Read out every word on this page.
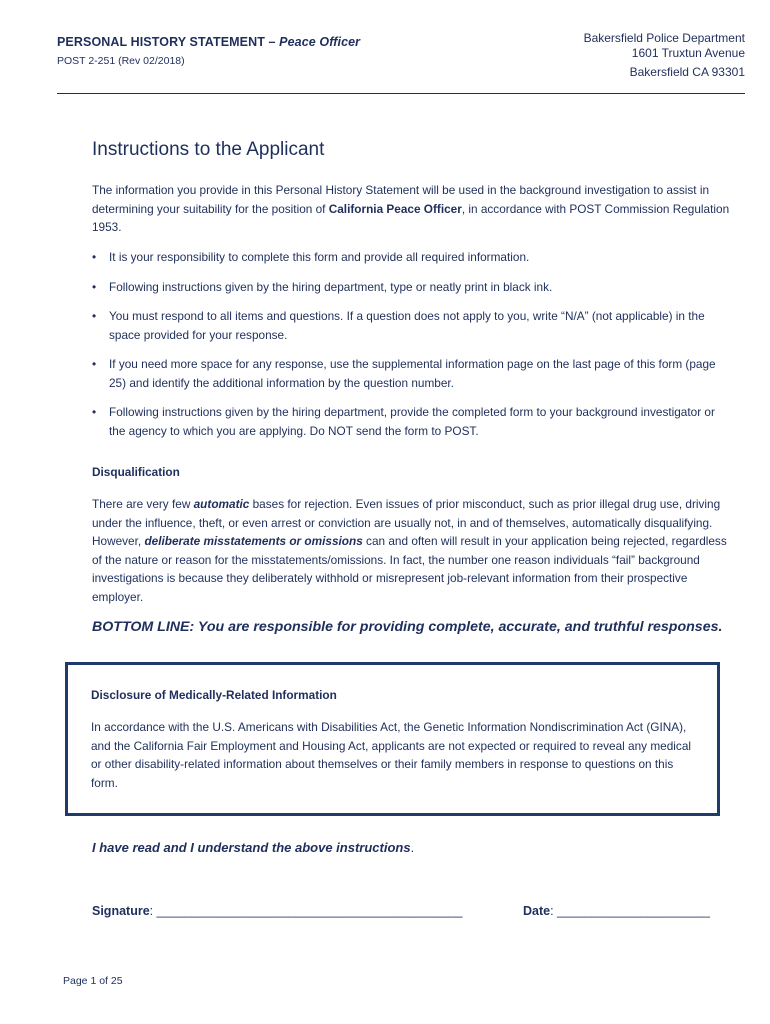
PERSONAL HISTORY STATEMENT – Peace Officer
POST 2-251 (Rev 02/2018)
Bakersfield Police Department
1601 Truxtun Avenue

Bakersfield CA 93301
Instructions to the Applicant
The information you provide in this Personal History Statement will be used in the background investigation to assist in determining your suitability for the position of California Peace Officer, in accordance with POST Commission Regulation 1953.
• It is your responsibility to complete this form and provide all required information.
• Following instructions given by the hiring department, type or neatly print in black ink.
• You must respond to all items and questions. If a question does not apply to you, write “N/A” (not applicable) in the space provided for your response.
• If you need more space for any response, use the supplemental information page on the last page of this form (page 25) and identify the additional information by the question number.
• Following instructions given by the hiring department, provide the completed form to your background investigator or the agency to which you are applying. Do NOT send the form to POST.
Disqualification
There are very few automatic bases for rejection. Even issues of prior misconduct, such as prior illegal drug use, driving under the influence, theft, or even arrest or conviction are usually not, in and of themselves, automatically disqualifying. However, deliberate misstatements or omissions can and often will result in your application being rejected, regardless of the nature or reason for the misstatements/omissions. In fact, the number one reason individuals “fail” background investigations is because they deliberately withhold or misrepresent job-relevant information from their prospective employer.
BOTTOM LINE: You are responsible for providing complete, accurate, and truthful responses.
Disclosure of Medically-Related Information
In accordance with the U.S. Americans with Disabilities Act, the Genetic Information Nondiscrimination Act (GINA), and the California Fair Employment and Housing Act, applicants are not expected or required to reveal any medical or other disability-related information about themselves or their family members in response to questions on this form.
I have read and I understand the above instructions.
Signature: ____________________________________________	Date: ______________________
Page 1 of 25
